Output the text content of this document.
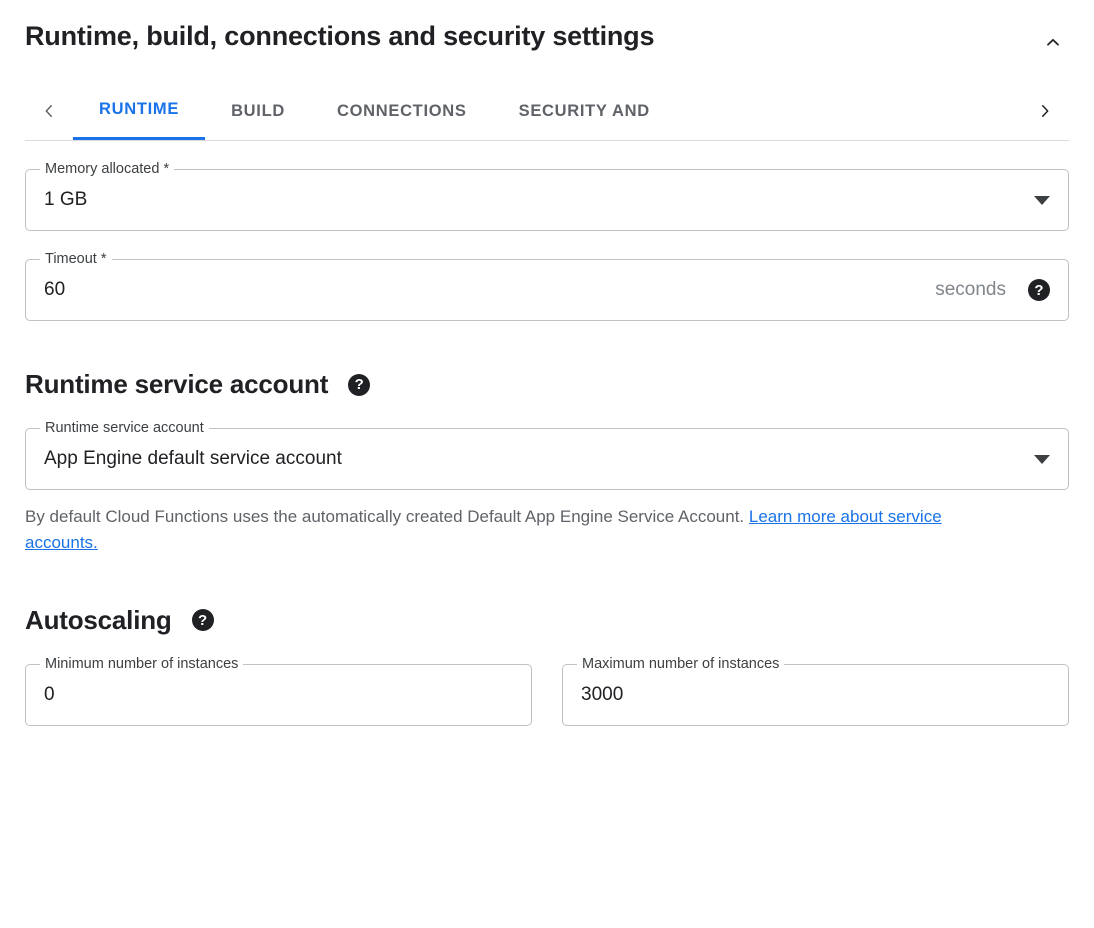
Runtime, build, connections and security settings
RUNTIME	BUILD	CONNECTIONS	SECURITY AND
Memory allocated *
1 GB
Timeout *
60	seconds	?
Runtime service account	?
Runtime service account
App Engine default service account
By default Cloud Functions uses the automatically created Default App Engine Service Account. Learn more about service accounts.
Autoscaling	?
Minimum number of instances
0
Maximum number of instances
3000
